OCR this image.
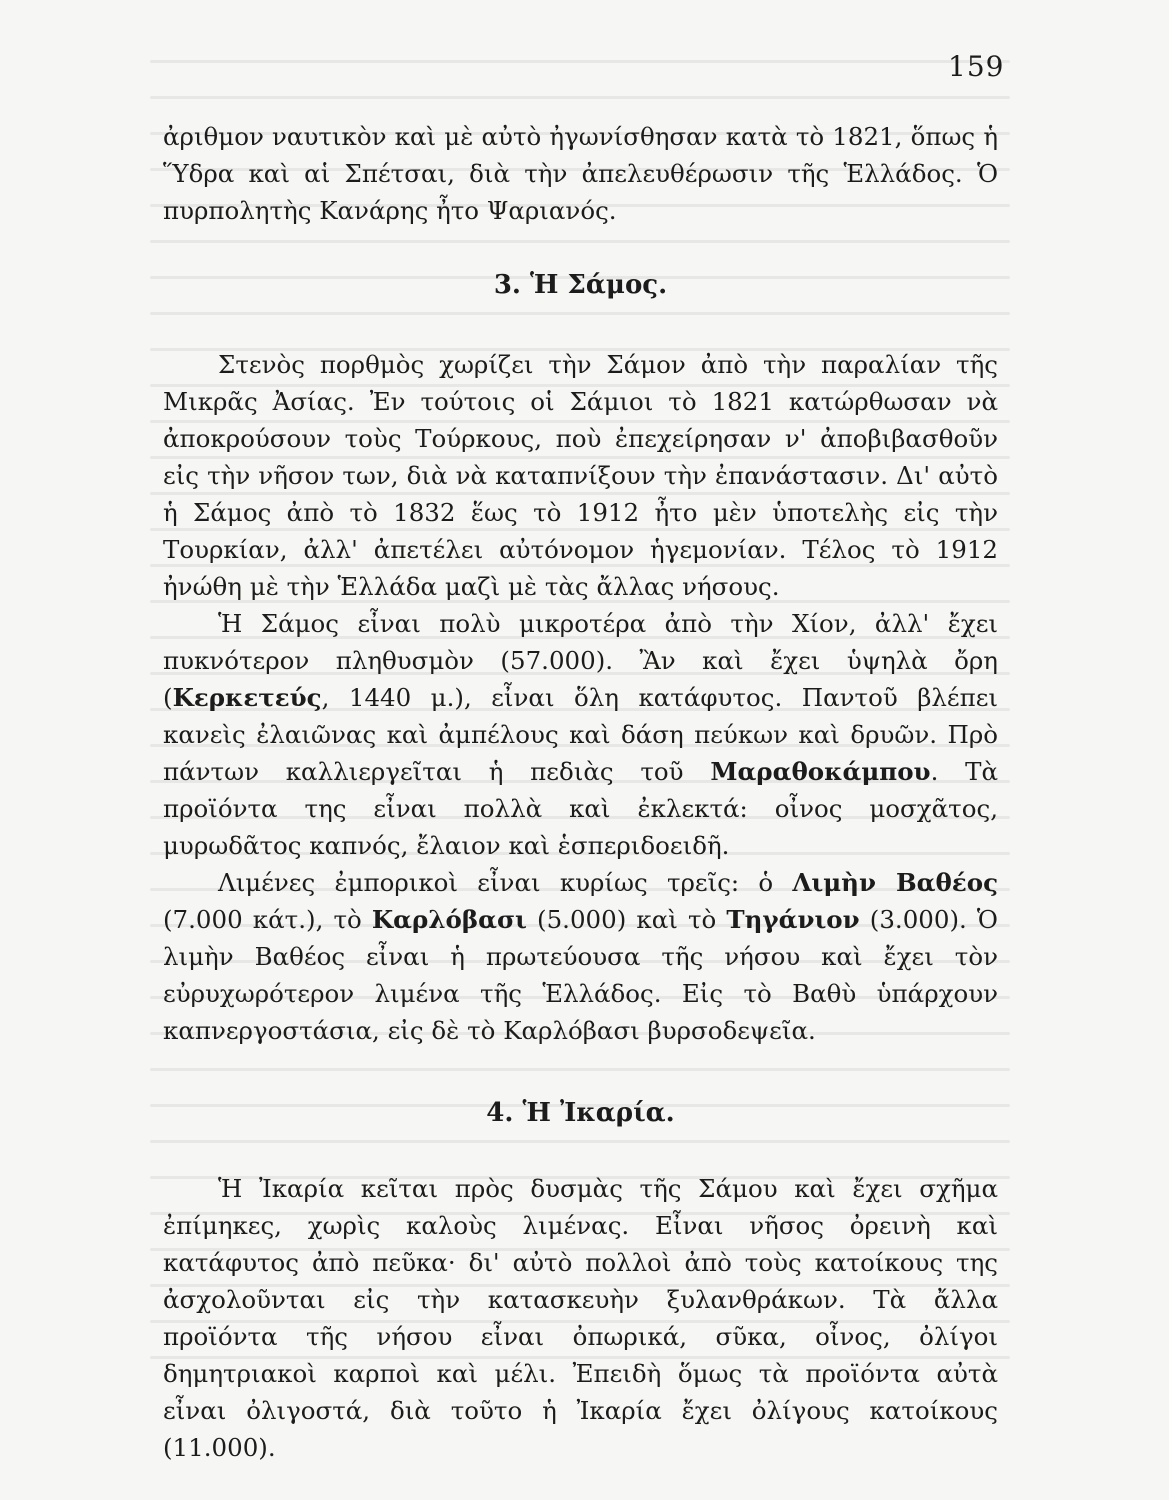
159

ἀριθμον ναυτικὸν καὶ μὲ αὐτὸ ἠγωνίσθησαν κατὰ τὸ 1821, ὅπως ἡ Ὕδρα καὶ αἱ Σπέτσαι, διὰ τὴν ἀπελευθέρωσιν τῆς Ἑλλάδος. Ὁ πυρπολητὴς Κανάρης ἦτο Ψαριανός.

3. Ἡ Σάμος.

Στενὸς πορθμὸς χωρίζει τὴν Σάμον ἀπὸ τὴν παραλίαν τῆς Μικρᾶς Ἀσίας. Ἐν τούτοις οἱ Σάμιοι τὸ 1821 κατώρθωσαν νὰ ἀποκρούσουν τοὺς Τούρκους, ποὺ ἐπεχείρησαν ν' ἀποβιβασθοῦν εἰς τὴν νῆσον των, διὰ νὰ καταπνίξουν τὴν ἐπανάστασιν. Δι' αὐτὸ ἡ Σάμος ἀπὸ τὸ 1832 ἕως τὸ 1912 ἦτο μὲν ὑποτελὴς εἰς τὴν Τουρκίαν, ἀλλ' ἀπετέλει αὐτόνομον ἡγεμονίαν. Τέλος τὸ 1912 ἠνώθη μὲ τὴν Ἑλλάδα μαζὶ μὲ τὰς ἄλλας νήσους.

Ἡ Σάμος εἶναι πολὺ μικροτέρα ἀπὸ τὴν Χίον, ἀλλ' ἔχει πυκνότερον πληθυσμὸν (57.000). Ἂν καὶ ἔχει ὑψηλὰ ὄρη (Κερκετεύς, 1440 μ.), εἶναι ὅλη κατάφυτος. Παντοῦ βλέπει κανεὶς ἐλαιῶνας καὶ ἀμπέλους καὶ δάση πεύκων καὶ δρυῶν. Πρὸ πάντων καλλιεργεῖται ἡ πεδιὰς τοῦ Μαραθοκάμπου. Τὰ προϊόντα της εἶναι πολλὰ καὶ ἐκλεκτά: οἶνος μοσχᾶτος, μυρωδᾶτος καπνός, ἔλαιον καὶ ἑσπεριδοειδῆ.

Λιμένες ἐμπορικοὶ εἶναι κυρίως τρεῖς: ὁ Λιμὴν Βαθέος (7.000 κάτ.), τὸ Καρλόβασι (5.000) καὶ τὸ Τηγάνιον (3.000). Ὁ λιμὴν Βαθέος εἶναι ἡ πρωτεύουσα τῆς νήσου καὶ ἔχει τὸν εὐρυχωρότερον λιμένα τῆς Ἑλλάδος. Εἰς τὸ Βαθὺ ὑπάρχουν καπνεργοστάσια, εἰς δὲ τὸ Καρλόβασι βυρσοδεψεῖα.

4. Ἡ Ἰκαρία.

Ἡ Ἰκαρία κεῖται πρὸς δυσμὰς τῆς Σάμου καὶ ἔχει σχῆμα ἐπίμηκες, χωρὶς καλοὺς λιμένας. Εἶναι νῆσος ὀρεινὴ καὶ κατάφυτος ἀπὸ πεῦκα· δι' αὐτὸ πολλοὶ ἀπὸ τοὺς κατοίκους της ἀσχολοῦνται εἰς τὴν κατασκευὴν ξυλανθράκων. Τὰ ἄλλα προϊόντα τῆς νήσου εἶναι ὀπωρικά, σῦκα, οἶνος, ὀλίγοι δημητριακοὶ καρποὶ καὶ μέλι. Ἐπειδὴ ὅμως τὰ προϊόντα αὐτὰ εἶναι ὀλιγοστά, διὰ τοῦτο ἡ Ἰκαρία ἔχει ὀλίγους κατοίκους (11.000).
